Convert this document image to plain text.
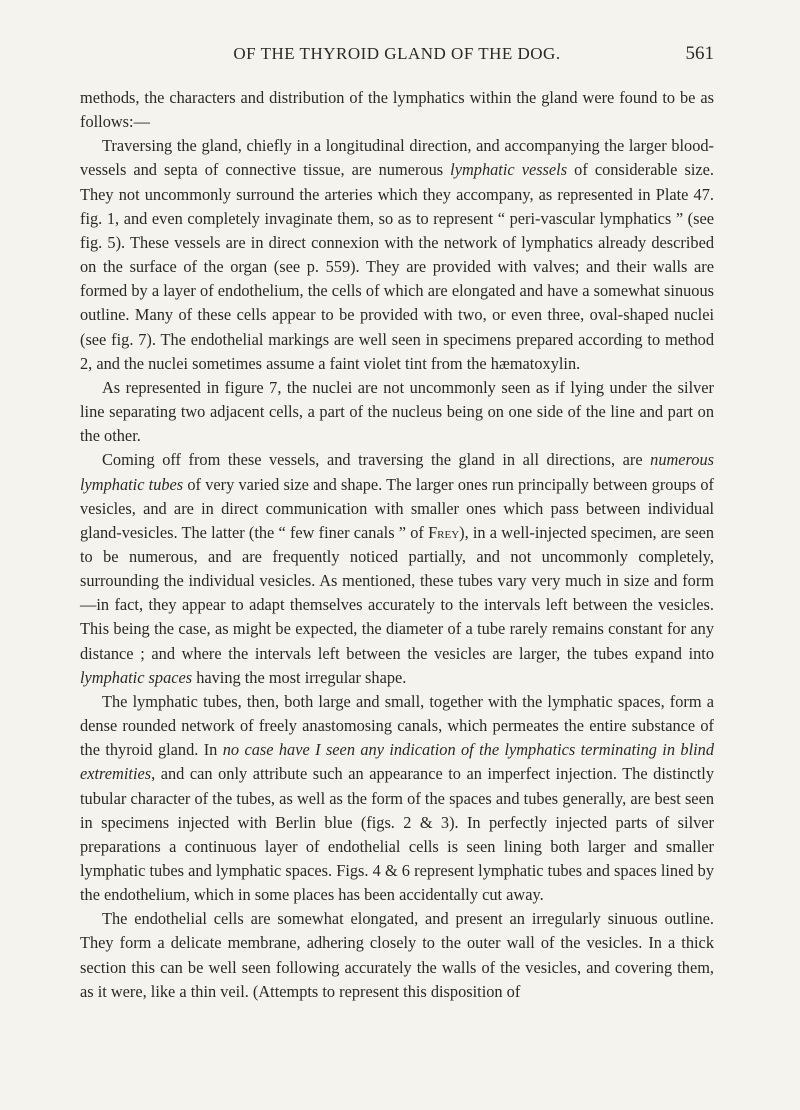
OF THE THYROID GLAND OF THE DOG.	561

methods, the characters and distribution of the lymphatics within the gland were found to be as follows:—

Traversing the gland, chiefly in a longitudinal direction, and accompanying the larger blood-vessels and septa of connective tissue, are numerous lymphatic vessels of considerable size. They not uncommonly surround the arteries which they accompany, as represented in Plate 47. fig. 1, and even completely invaginate them, so as to represent “ peri-vascular lymphatics ” (see fig. 5). These vessels are in direct connexion with the network of lymphatics already described on the surface of the organ (see p. 559). They are provided with valves; and their walls are formed by a layer of endothelium, the cells of which are elongated and have a somewhat sinuous outline. Many of these cells appear to be provided with two, or even three, oval-shaped nuclei (see fig. 7). The endothelial markings are well seen in specimens prepared according to method 2, and the nuclei sometimes assume a faint violet tint from the hæmatoxylin.

As represented in figure 7, the nuclei are not uncommonly seen as if lying under the silver line separating two adjacent cells, a part of the nucleus being on one side of the line and part on the other.

Coming off from these vessels, and traversing the gland in all directions, are numerous lymphatic tubes of very varied size and shape. The larger ones run principally between groups of vesicles, and are in direct communication with smaller ones which pass between individual gland-vesicles. The latter (the “ few finer canals ” of Frey), in a well-injected specimen, are seen to be numerous, and are frequently noticed partially, and not uncommonly completely, surrounding the individual vesicles. As mentioned, these tubes vary very much in size and form—in fact, they appear to adapt themselves accurately to the intervals left between the vesicles. This being the case, as might be expected, the diameter of a tube rarely remains constant for any distance ; and where the intervals left between the vesicles are larger, the tubes expand into lymphatic spaces having the most irregular shape.

The lymphatic tubes, then, both large and small, together with the lymphatic spaces, form a dense rounded network of freely anastomosing canals, which permeates the entire substance of the thyroid gland. In no case have I seen any indication of the lymphatics terminating in blind extremities, and can only attribute such an appearance to an imperfect injection. The distinctly tubular character of the tubes, as well as the form of the spaces and tubes generally, are best seen in specimens injected with Berlin blue (figs. 2 & 3). In perfectly injected parts of silver preparations a continuous layer of endothelial cells is seen lining both larger and smaller lymphatic tubes and lymphatic spaces. Figs. 4 & 6 represent lymphatic tubes and spaces lined by the endothelium, which in some places has been accidentally cut away.

The endothelial cells are somewhat elongated, and present an irregularly sinuous outline. They form a delicate membrane, adhering closely to the outer wall of the vesicles. In a thick section this can be well seen following accurately the walls of the vesicles, and covering them, as it were, like a thin veil. (Attempts to represent this disposition of
